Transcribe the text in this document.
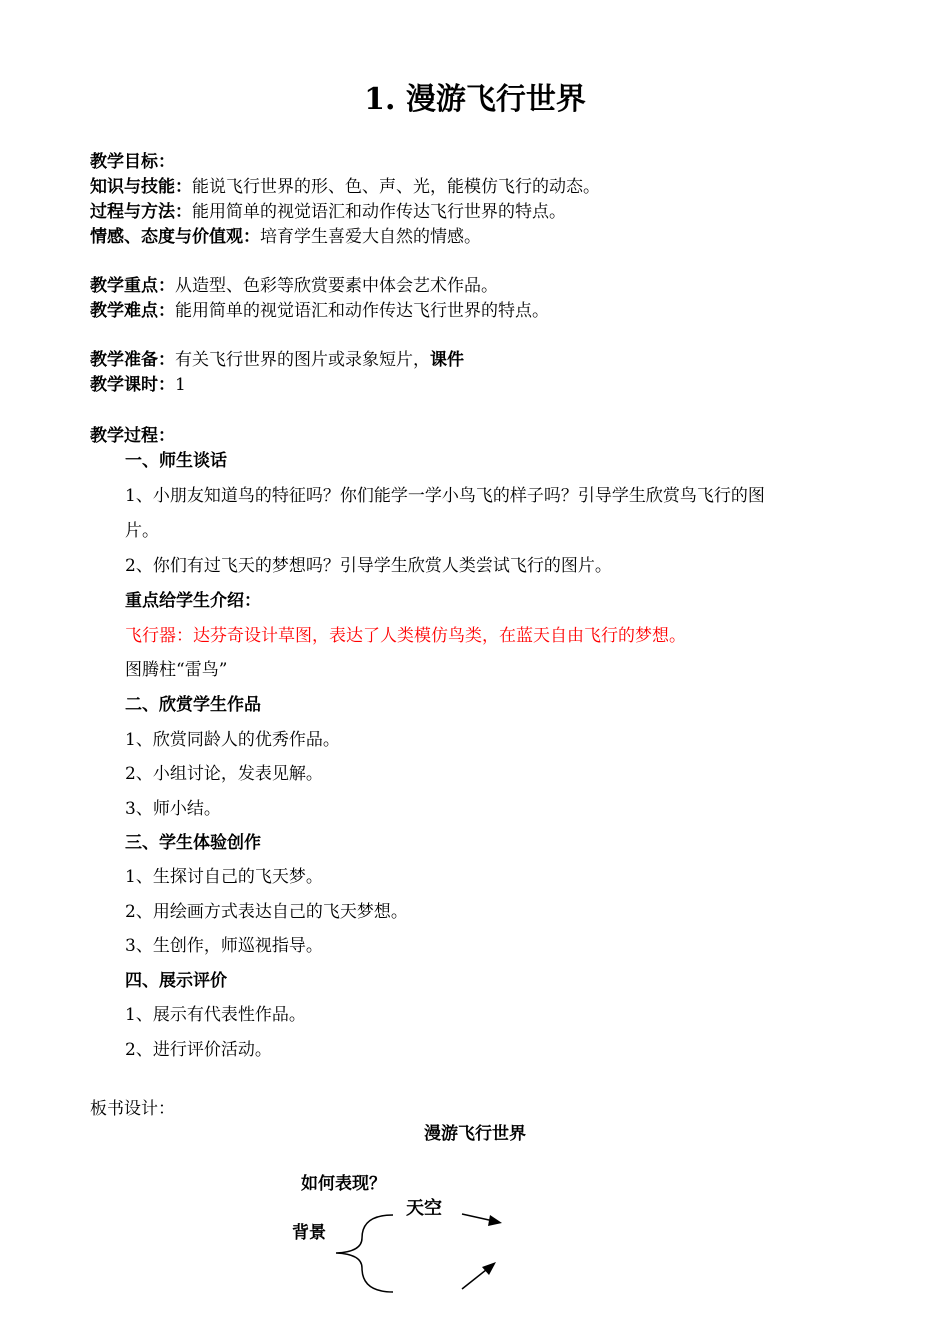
1. 漫游飞行世界
教学目标：
知识与技能：能说飞行世界的形、色、声、光，能模仿飞行的动态。
过程与方法：能用简单的视觉语汇和动作传达飞行世界的特点。
情感、态度与价值观：培育学生喜爱大自然的情感。
教学重点：从造型、色彩等欣赏要素中体会艺术作品。
教学难点：能用简单的视觉语汇和动作传达飞行世界的特点。
教学准备：有关飞行世界的图片或录象短片，课件
教学课时：1
教学过程：
一、师生谈话
1、小朋友知道鸟的特征吗？你们能学一学小鸟飞的样子吗？引导学生欣赏鸟飞行的图
片。
2、你们有过飞天的梦想吗？引导学生欣赏人类尝试飞行的图片。
重点给学生介绍：
飞行器：达芬奇设计草图，表达了人类模仿鸟类，在蓝天自由飞行的梦想。
图腾柱“雷鸟”
二、欣赏学生作品
1、欣赏同龄人的优秀作品。
2、小组讨论，发表见解。
3、师小结。
三、学生体验创作
1、生探讨自己的飞天梦。
2、用绘画方式表达自己的飞天梦想。
3、生创作，师巡视指导。
四、展示评价
1、展示有代表性作品。
2、进行评价活动。
板书设计：
漫游飞行世界
如何表现？
天空
背景
